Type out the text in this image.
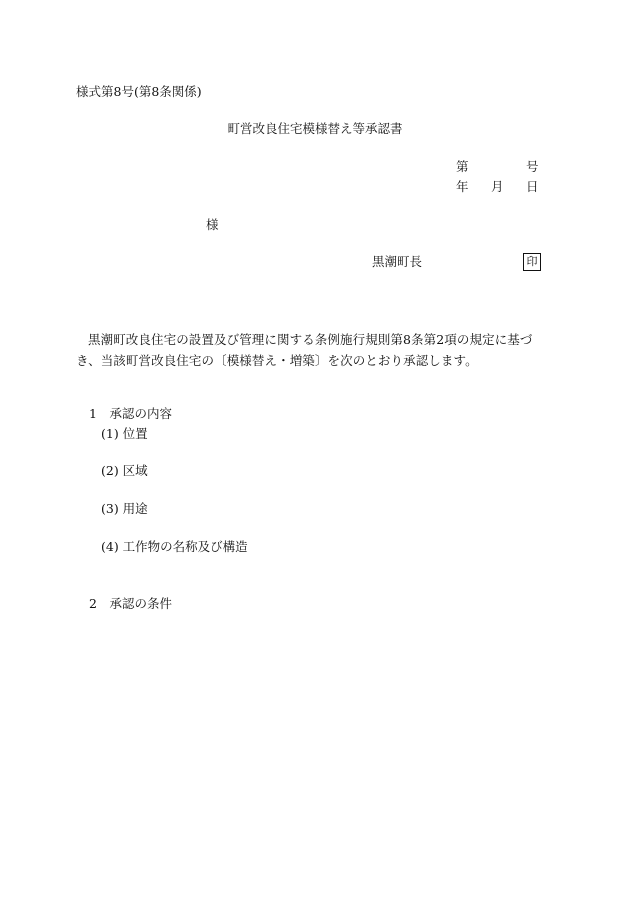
様式第8号(第8条関係)
町営改良住宅模様替え等承認書
第	号
年 月 日
様
黒潮町長	印
黒潮町改良住宅の設置及び管理に関する条例施行規則第8条第2項の規定に基づき、当該町営改良住宅の〔模様替え・増築〕を次のとおり承認します。
1　承認の内容
(1) 位置
(2) 区域
(3) 用途
(4) 工作物の名称及び構造
2　承認の条件
